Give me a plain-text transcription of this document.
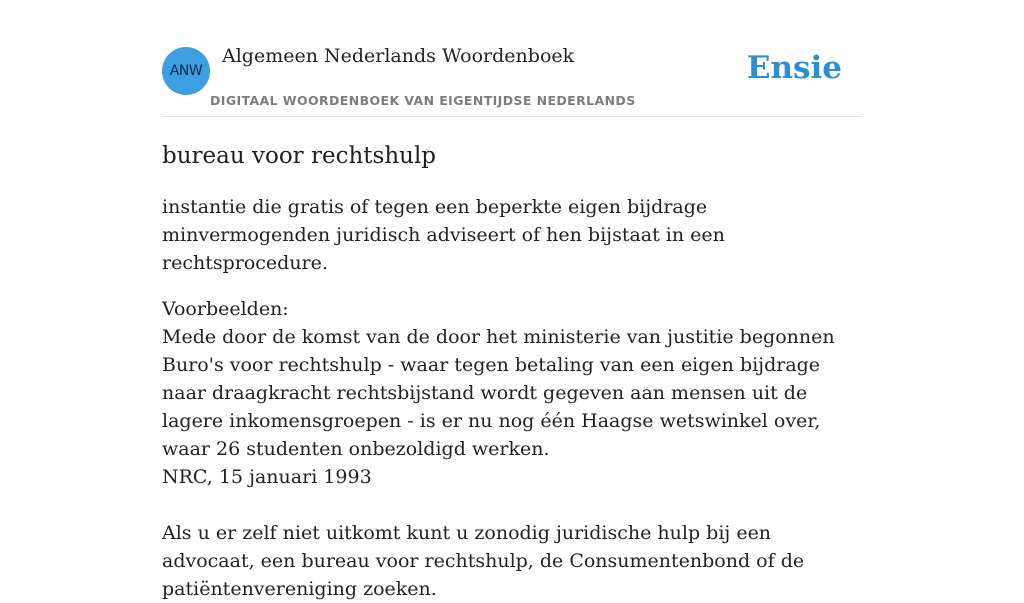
ANW
Algemeen Nederlands Woordenboek
DIGITAAL WOORDENBOEK VAN EIGENTIJDSE NEDERLANDS
Ensie
bureau voor rechtshulp
instantie die gratis of tegen een beperkte eigen bijdrage minvermogenden juridisch adviseert of hen bijstaat in een rechtsprocedure.
Voorbeelden:
Mede door de komst van de door het ministerie van justitie begonnen Buro's voor rechtshulp - waar tegen betaling van een eigen bijdrage naar draagkracht rechtsbijstand wordt gegeven aan mensen uit de lagere inkomensgroepen - is er nu nog één Haagse wetswinkel over, waar 26 studenten onbezoldigd werken.
NRC, 15 januari 1993
Als u er zelf niet uitkomt kunt u zonodig juridische hulp bij een advocaat, een bureau voor rechtshulp, de Consumentenbond of de patiëntenvereniging zoeken.
